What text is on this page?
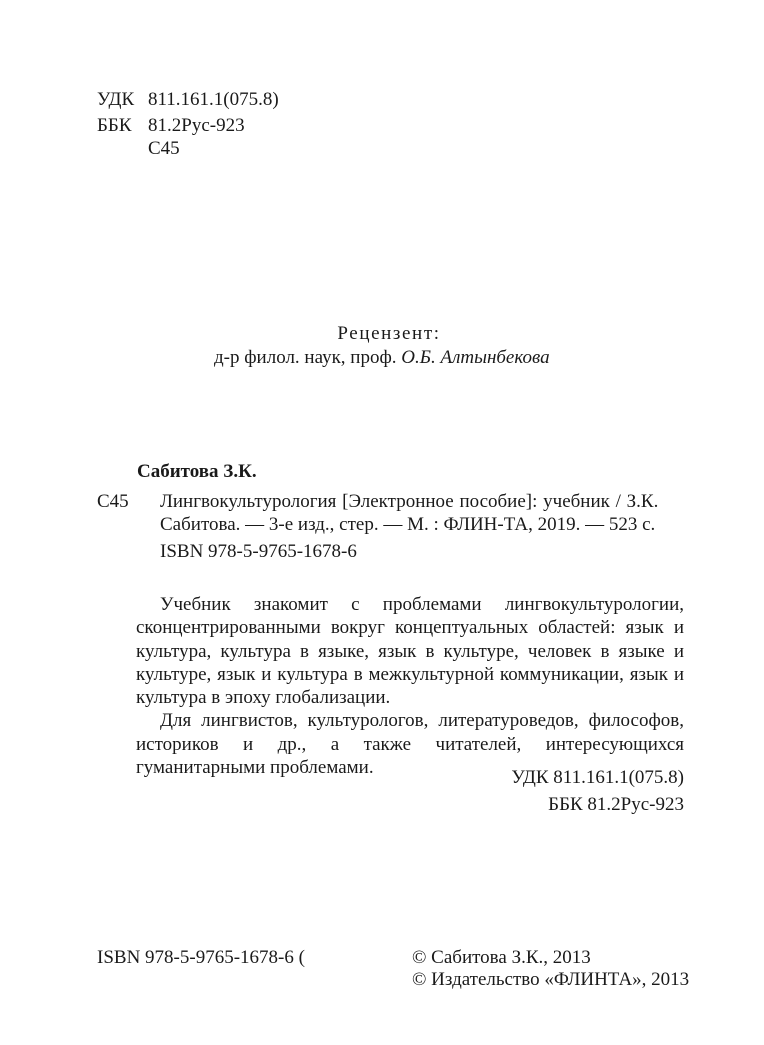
УДК 811.161.1(075.8)
ББК 81.2Рус-923
С45
Рецензент:
д-р филол. наук, проф. О.Б. Алтынбекова
Сабитова З.К.
С45 Лингвокультурология [Электронное пособие]: учебник / З.К.
Сабитова. — 3-е изд., стер. — М. : ФЛИН-ТА, 2019. — 523 с.
ISBN 978-5-9765-1678-6

Учебник знакомит с проблемами лингвокультурологии, сконцентрированными вокруг концептуальных областей: язык и культура, культура в языке, язык в культуре, человек в языке и культуре, язык и культура в межкультурной коммуникации, язык и культура в эпоху глобализации.

Для лингвистов, культурологов, литературоведов, философов, историков и др., а также читателей, интересующихся гуманитарными проблемами.	УДК 811.161.1(075.8)
ББК 81.2Рус-923
ISBN 978-5-9765-1678-6 (	© Сабитова З.К., 2013
© Издательство «ФЛИНТА», 2013
